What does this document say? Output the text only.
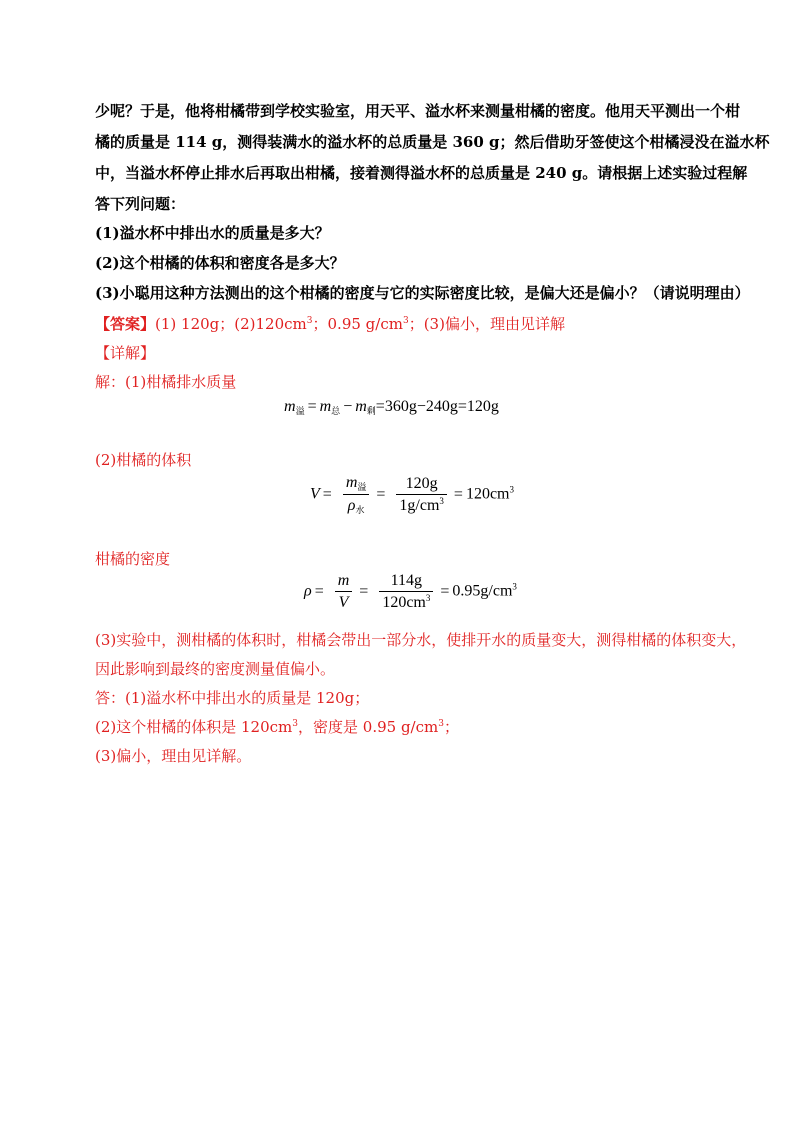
少呢？于是，他将柑橘带到学校实验室，用天平、溢水杯来测量柑橘的密度。他用天平测出一个柑
橘的质量是 114 g，测得装满水的溢水杯的总质量是 360 g；然后借助牙签使这个柑橘浸没在溢水杯
中，当溢水杯停止排水后再取出柑橘，接着测得溢水杯的总质量是 240 g。请根据上述实验过程解
答下列问题：
(1)溢水杯中排出水的质量是多大？
(2)这个柑橘的体积和密度各是多大？
(3)小聪用这种方法测出的这个柑橘的密度与它的实际密度比较，是偏大还是偏小？（请说明理由）
【答案】(1) 120g；$(2)120cm^3$；0.95 $g/cm^3$；(3)偏小，理由见详解
【详解】
解：(1)柑橘排水质量
$m_溢 = m_总 - m_剩=360g-240g=120g$
(2)柑橘的体积
$V = \frac{m_溢}{\rho_水} = \frac{120g}{1g/cm^3} = 120cm^3$
柑橘的密度
$\rho = \frac{m}{V} = \frac{114g}{120cm^3} = 0.95g/cm^3$
(3)实验中，测柑橘的体积时，柑橘会带出一部分水，使排开水的质量变大，测得柑橘的体积变大，
因此影响到最终的密度测量值偏小。
答：(1)溢水杯中排出水的质量是 120g；
(2)这个柑橘的体积是 $120cm^3$，密度是 0.95 $g/cm^3$；
(3)偏小，理由见详解。
